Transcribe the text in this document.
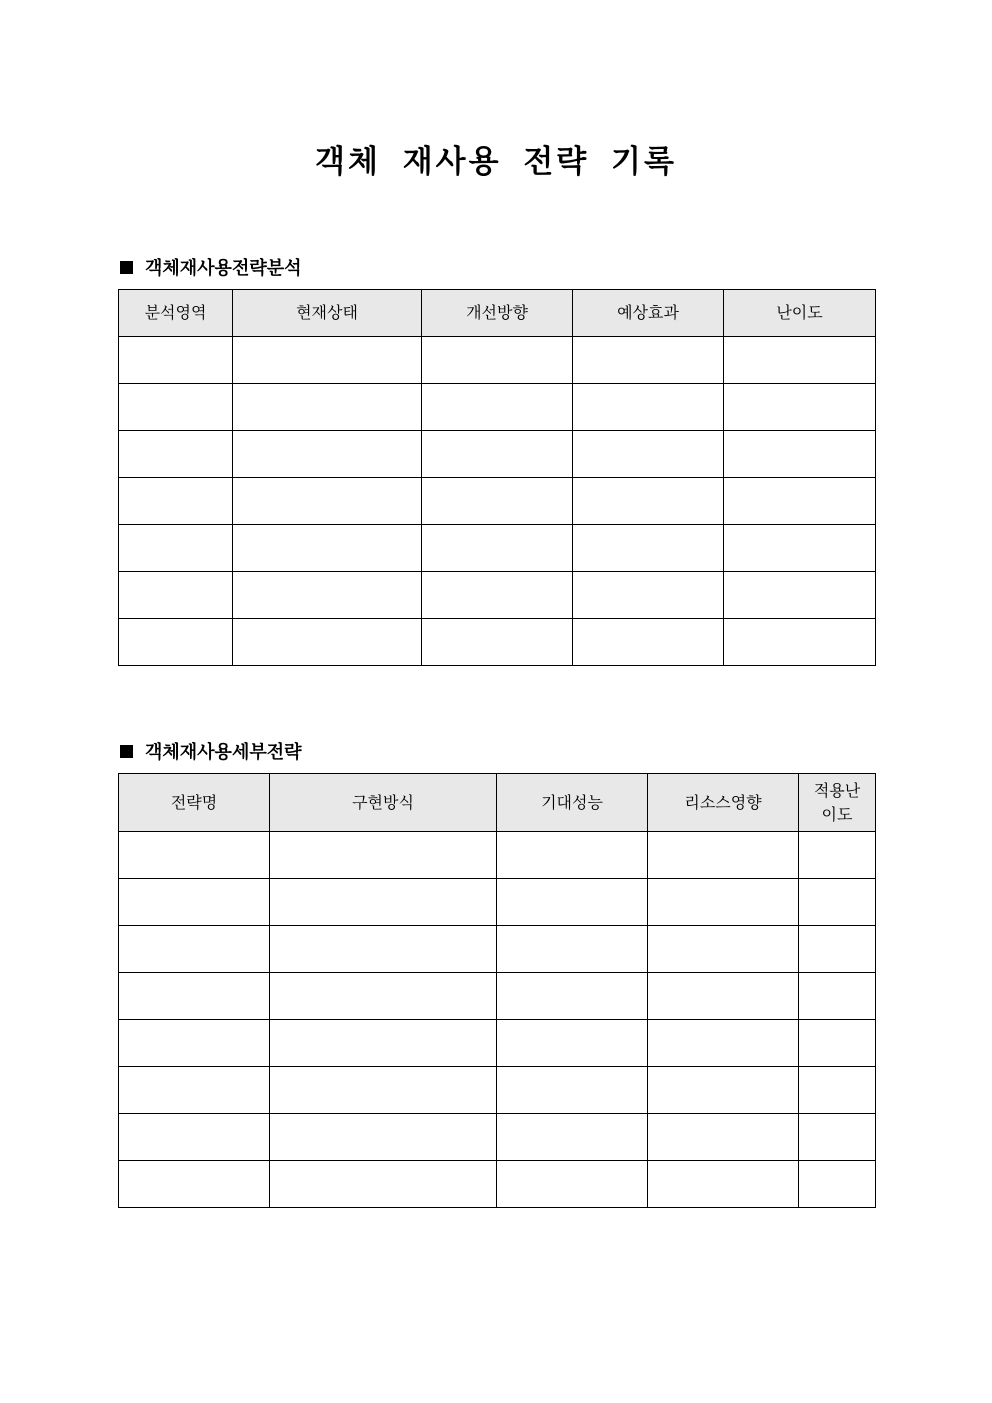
객체 재사용 전략 기록
객체재사용전략분석
분석영역	현재상태	개선방향	예상효과	난이도

객체재사용세부전략
전략명	구현방식	기대성능	리소스영향	적용난
이도
